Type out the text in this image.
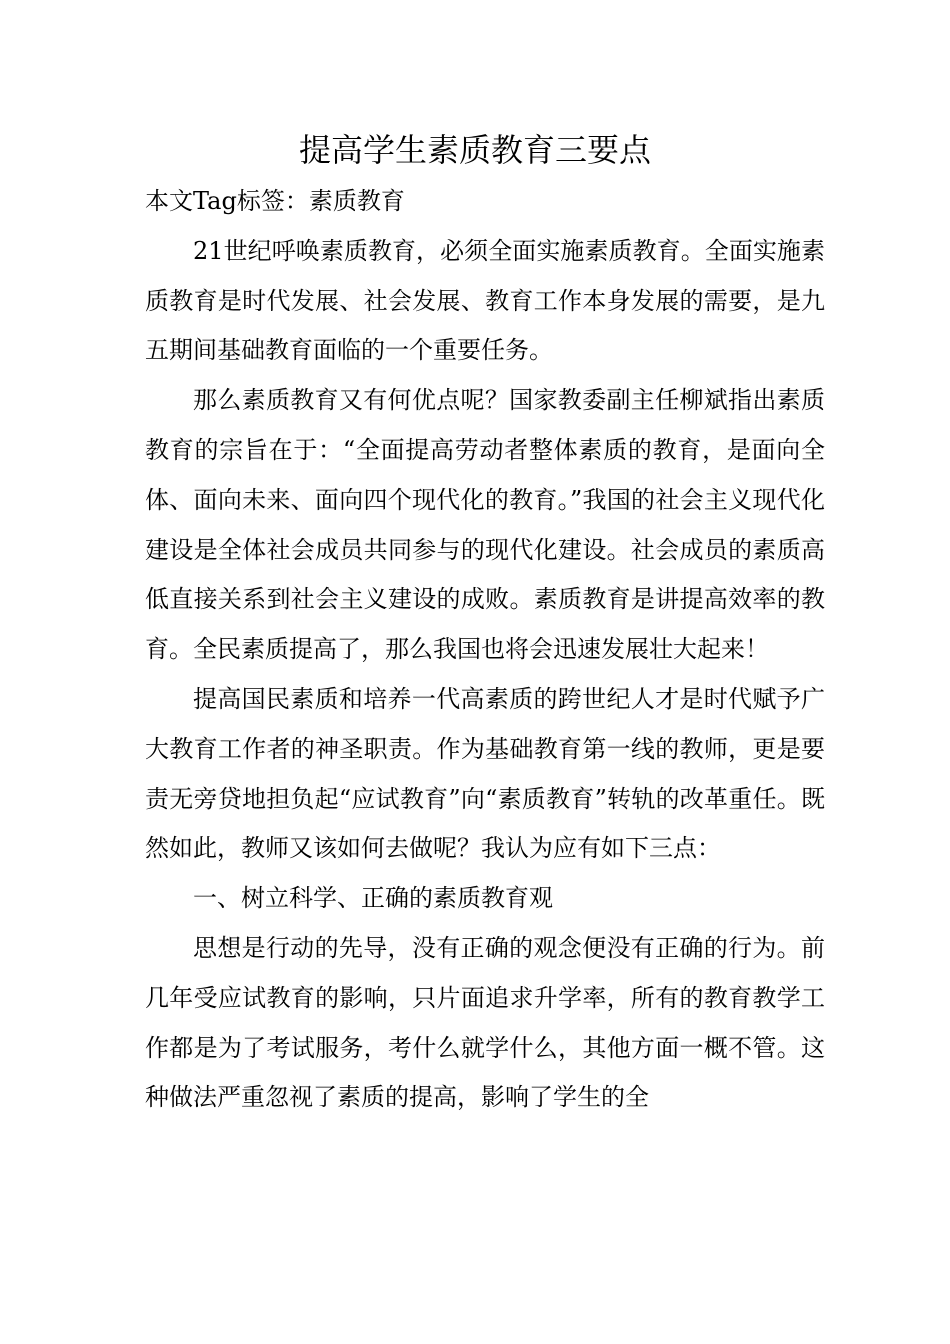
提高学生素质教育三要点

本文Tag标签：素质教育

21世纪呼唤素质教育，必须全面实施素质教育。全面实施素质教育是时代发展、社会发展、教育工作本身发展的需要，是九五期间基础教育面临的一个重要任务。

那么素质教育又有何优点呢？国家教委副主任柳斌指出素质教育的宗旨在于：“全面提高劳动者整体素质的教育，是面向全体、面向未来、面向四个现代化的教育。”我国的社会主义现代化建设是全体社会成员共同参与的现代化建设。社会成员的素质高低直接关系到社会主义建设的成败。素质教育是讲提高效率的教育。全民素质提高了，那么我国也将会迅速发展壮大起来！

提高国民素质和培养一代高素质的跨世纪人才是时代赋予广大教育工作者的神圣职责。作为基础教育第一线的教师，更是要责无旁贷地担负起“应试教育”向“素质教育”转轨的改革重任。既然如此，教师又该如何去做呢？我认为应有如下三点：

一、树立科学、正确的素质教育观

思想是行动的先导，没有正确的观念便没有正确的行为。前几年受应试教育的影响，只片面追求升学率，所有的教育教学工作都是为了考试服务，考什么就学什么，其他方面一概不管。这种做法严重忽视了素质的提高，影响了学生的全
